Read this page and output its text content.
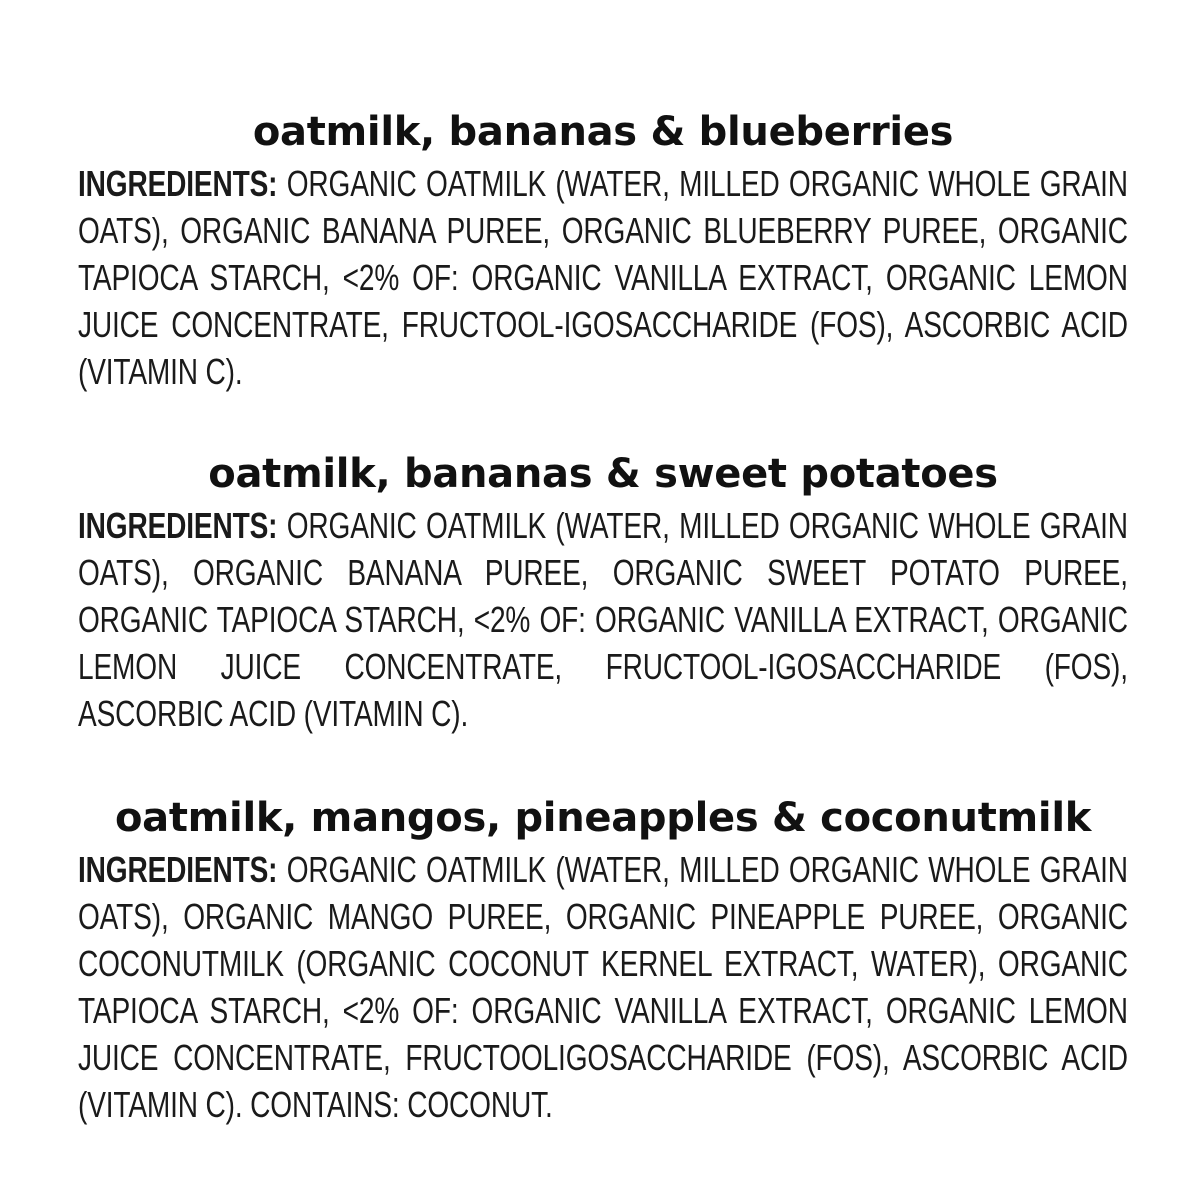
oatmilk, bananas & blueberries

INGREDIENTS: ORGANIC OATMILK (WATER, MILLED ORGANIC WHOLE GRAIN OATS), ORGANIC BANANA PUREE, ORGANIC BLUEBERRY PUREE, ORGANIC TAPIOCA STARCH, <2% OF: ORGANIC VANILLA EXTRACT, ORGANIC LEMON JUICE CONCENTRATE, FRUCTOOL-IGOSACCHARIDE (FOS), ASCORBIC ACID (VITAMIN C).

oatmilk, bananas & sweet potatoes

INGREDIENTS: ORGANIC OATMILK (WATER, MILLED ORGANIC WHOLE GRAIN OATS), ORGANIC BANANA PUREE, ORGANIC SWEET POTATO PUREE, ORGANIC TAPIOCA STARCH, <2% OF: ORGANIC VANILLA EXTRACT, ORGANIC LEMON JUICE CONCENTRATE, FRUCTOOL-IGOSACCHARIDE (FOS), ASCORBIC ACID (VITAMIN C).

oatmilk, mangos, pineapples & coconutmilk

INGREDIENTS: ORGANIC OATMILK (WATER, MILLED ORGANIC WHOLE GRAIN OATS), ORGANIC MANGO PUREE, ORGANIC PINEAPPLE PUREE, ORGANIC COCONUTMILK (ORGANIC COCONUT KERNEL EXTRACT, WATER), ORGANIC TAPIOCA STARCH, <2% OF: ORGANIC VANILLA EXTRACT, ORGANIC LEMON JUICE CONCENTRATE, FRUCTOOLIGOSACCHARIDE (FOS), ASCORBIC ACID (VITAMIN C). CONTAINS: COCONUT.
